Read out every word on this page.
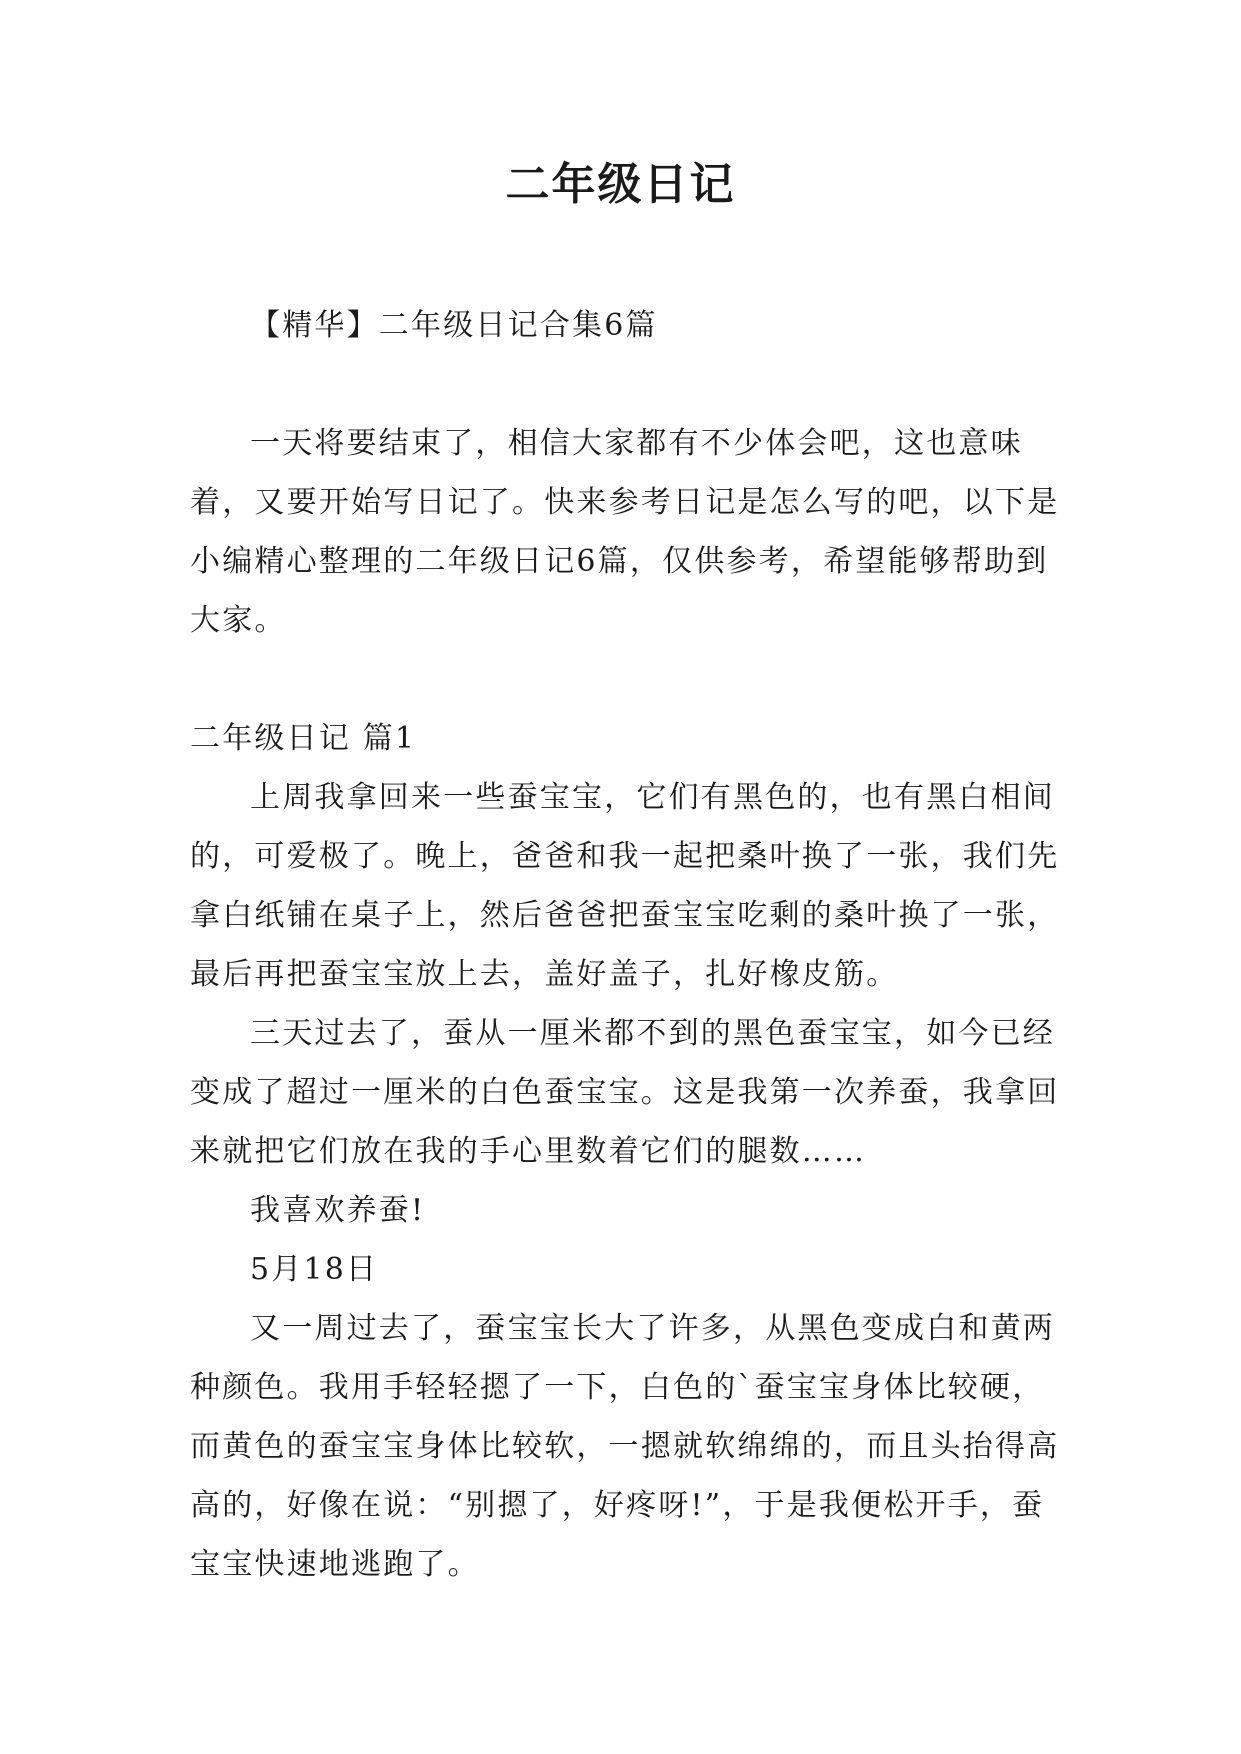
二年级日记

【精华】二年级日记合集6篇

一天将要结束了，相信大家都有不少体会吧，这也意味着，又要开始写日记了。快来参考日记是怎么写的吧，以下是小编精心整理的二年级日记6篇，仅供参考，希望能够帮助到大家。

二年级日记 篇1

上周我拿回来一些蚕宝宝，它们有黑色的，也有黑白相间的，可爱极了。晚上，爸爸和我一起把桑叶换了一张，我们先拿白纸铺在桌子上，然后爸爸把蚕宝宝吃剩的桑叶换了一张，最后再把蚕宝宝放上去，盖好盖子，扎好橡皮筋。

三天过去了，蚕从一厘米都不到的黑色蚕宝宝，如今已经变成了超过一厘米的白色蚕宝宝。这是我第一次养蚕，我拿回来就把它们放在我的手心里数着它们的腿数……

我喜欢养蚕!

5月18日

又一周过去了，蚕宝宝长大了许多，从黑色变成白和黄两种颜色。我用手轻轻摁了一下，白色的`蚕宝宝身体比较硬，而黄色的蚕宝宝身体比较软，一摁就软绵绵的，而且头抬得高高的，好像在说：“别摁了，好疼呀!”，于是我便松开手，蚕宝宝快速地逃跑了。
